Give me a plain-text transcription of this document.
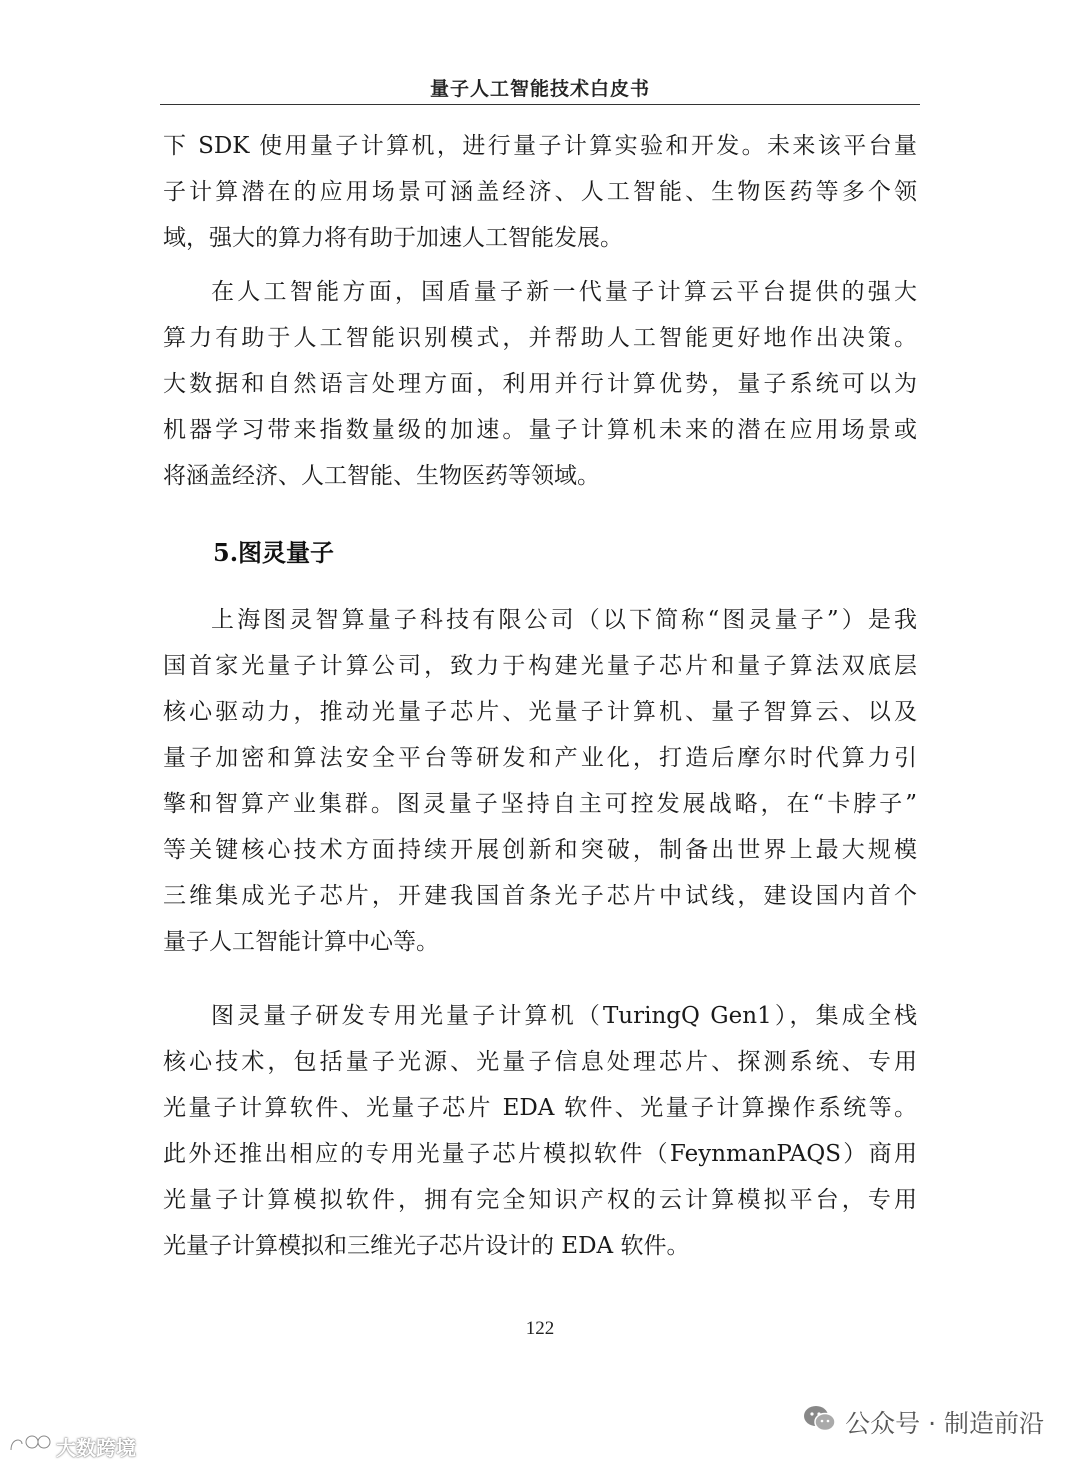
量子人工智能技术白皮书
下 SDK 使用量子计算机，进行量子计算实验和开发。未来该平台量
子计算潜在的应用场景可涵盖经济、人工智能、生物医药等多个领
域，强大的算力将有助于加速人工智能发展。
在人工智能方面，国盾量子新一代量子计算云平台提供的强大
算力有助于人工智能识别模式，并帮助人工智能更好地作出决策。
大数据和自然语言处理方面，利用并行计算优势，量子系统可以为
机器学习带来指数量级的加速。量子计算机未来的潜在应用场景或
将涵盖经济、人工智能、生物医药等领域。
5.图灵量子
上海图灵智算量子科技有限公司（以下简称“图灵量子”）是我
国首家光量子计算公司，致力于构建光量子芯片和量子算法双底层
核心驱动力，推动光量子芯片、光量子计算机、量子智算云、以及
量子加密和算法安全平台等研发和产业化，打造后摩尔时代算力引
擎和智算产业集群。图灵量子坚持自主可控发展战略，在“卡脖子”
等关键核心技术方面持续开展创新和突破，制备出世界上最大规模
三维集成光子芯片，开建我国首条光子芯片中试线，建设国内首个
量子人工智能计算中心等。
图灵量子研发专用光量子计算机（TuringQ Gen1），集成全栈
核心技术，包括量子光源、光量子信息处理芯片、探测系统、专用
光量子计算软件、光量子芯片 EDA 软件、光量子计算操作系统等。
此外还推出相应的专用光量子芯片模拟软件（FeynmanPAQS）商用
光量子计算模拟软件，拥有完全知识产权的云计算模拟平台，专用
光量子计算模拟和三维光子芯片设计的 EDA 软件。
122
公众号 · 制造前沿
大数跨境
